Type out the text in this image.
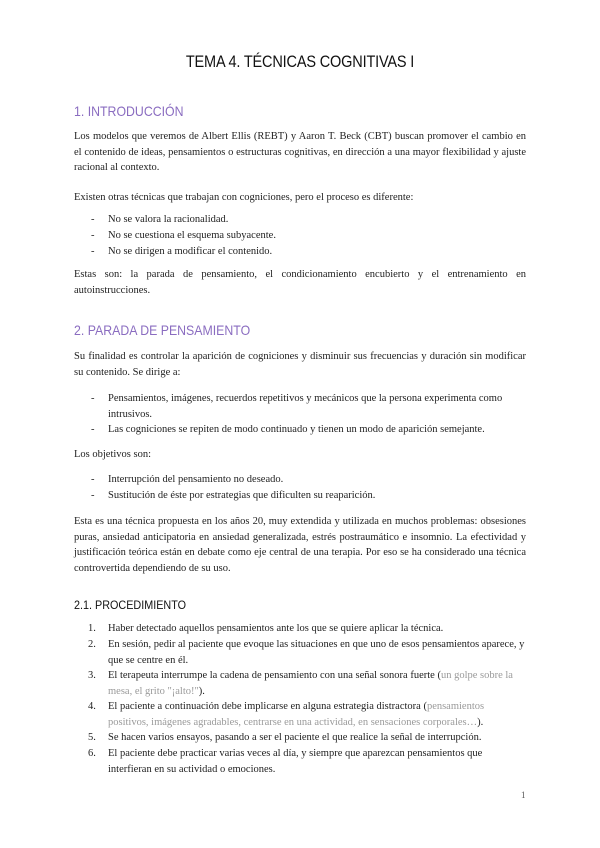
TEMA 4. TÉCNICAS COGNITIVAS I
1. INTRODUCCIÓN

Los modelos que veremos de Albert Ellis (REBT) y Aaron T. Beck (CBT) buscan promover el cambio en el contenido de ideas, pensamientos o estructuras cognitivas, en dirección a una mayor flexibilidad y ajuste racional al contexto.

Existen otras técnicas que trabajan con cogniciones, pero el proceso es diferente:

- No se valora la racionalidad.

- No se cuestiona el esquema subyacente.

- No se dirigen a modificar el contenido.

Estas son: la parada de pensamiento, el condicionamiento encubierto y el entrenamiento en autoinstrucciones.

2. PARADA DE PENSAMIENTO

Su finalidad es controlar la aparición de cogniciones y disminuir sus frecuencias y duración sin modificar su contenido. Se dirige a:

- Pensamientos, imágenes, recuerdos repetitivos y mecánicos que la persona experimenta como intrusivos.

- Las cogniciones se repiten de modo continuado y tienen un modo de aparición semejante.

Los objetivos son:

- Interrupción del pensamiento no deseado.

- Sustitución de éste por estrategias que dificulten su reaparición.

Esta es una técnica propuesta en los años 20, muy extendida y utilizada en muchos problemas: obsesiones puras, ansiedad anticipatoria en ansiedad generalizada, estrés postraumático e insomnio. La efectividad y justificación teórica están en debate como eje central de una terapia. Por eso se ha considerado una técnica controvertida dependiendo de su uso.

2.1. PROCEDIMIENTO
1. Haber detectado aquellos pensamientos ante los que se quiere aplicar la técnica.

2. En sesión, pedir al paciente que evoque las situaciones en que uno de esos pensamientos aparece, y que se centre en él.

3. El terapeuta interrumpe la cadena de pensamiento con una señal sonora fuerte (un golpe sobre la mesa, el grito "¡alto!").

4. El paciente a continuación debe implicarse en alguna estrategia distractora (pensamientos positivos, imágenes agradables, centrarse en una actividad, en sensaciones corporales…).

5. Se hacen varios ensayos, pasando a ser el paciente el que realice la señal de interrupción.

6. El paciente debe practicar varias veces al día, y siempre que aparezcan pensamientos que interfieran en su actividad o emociones.

1
